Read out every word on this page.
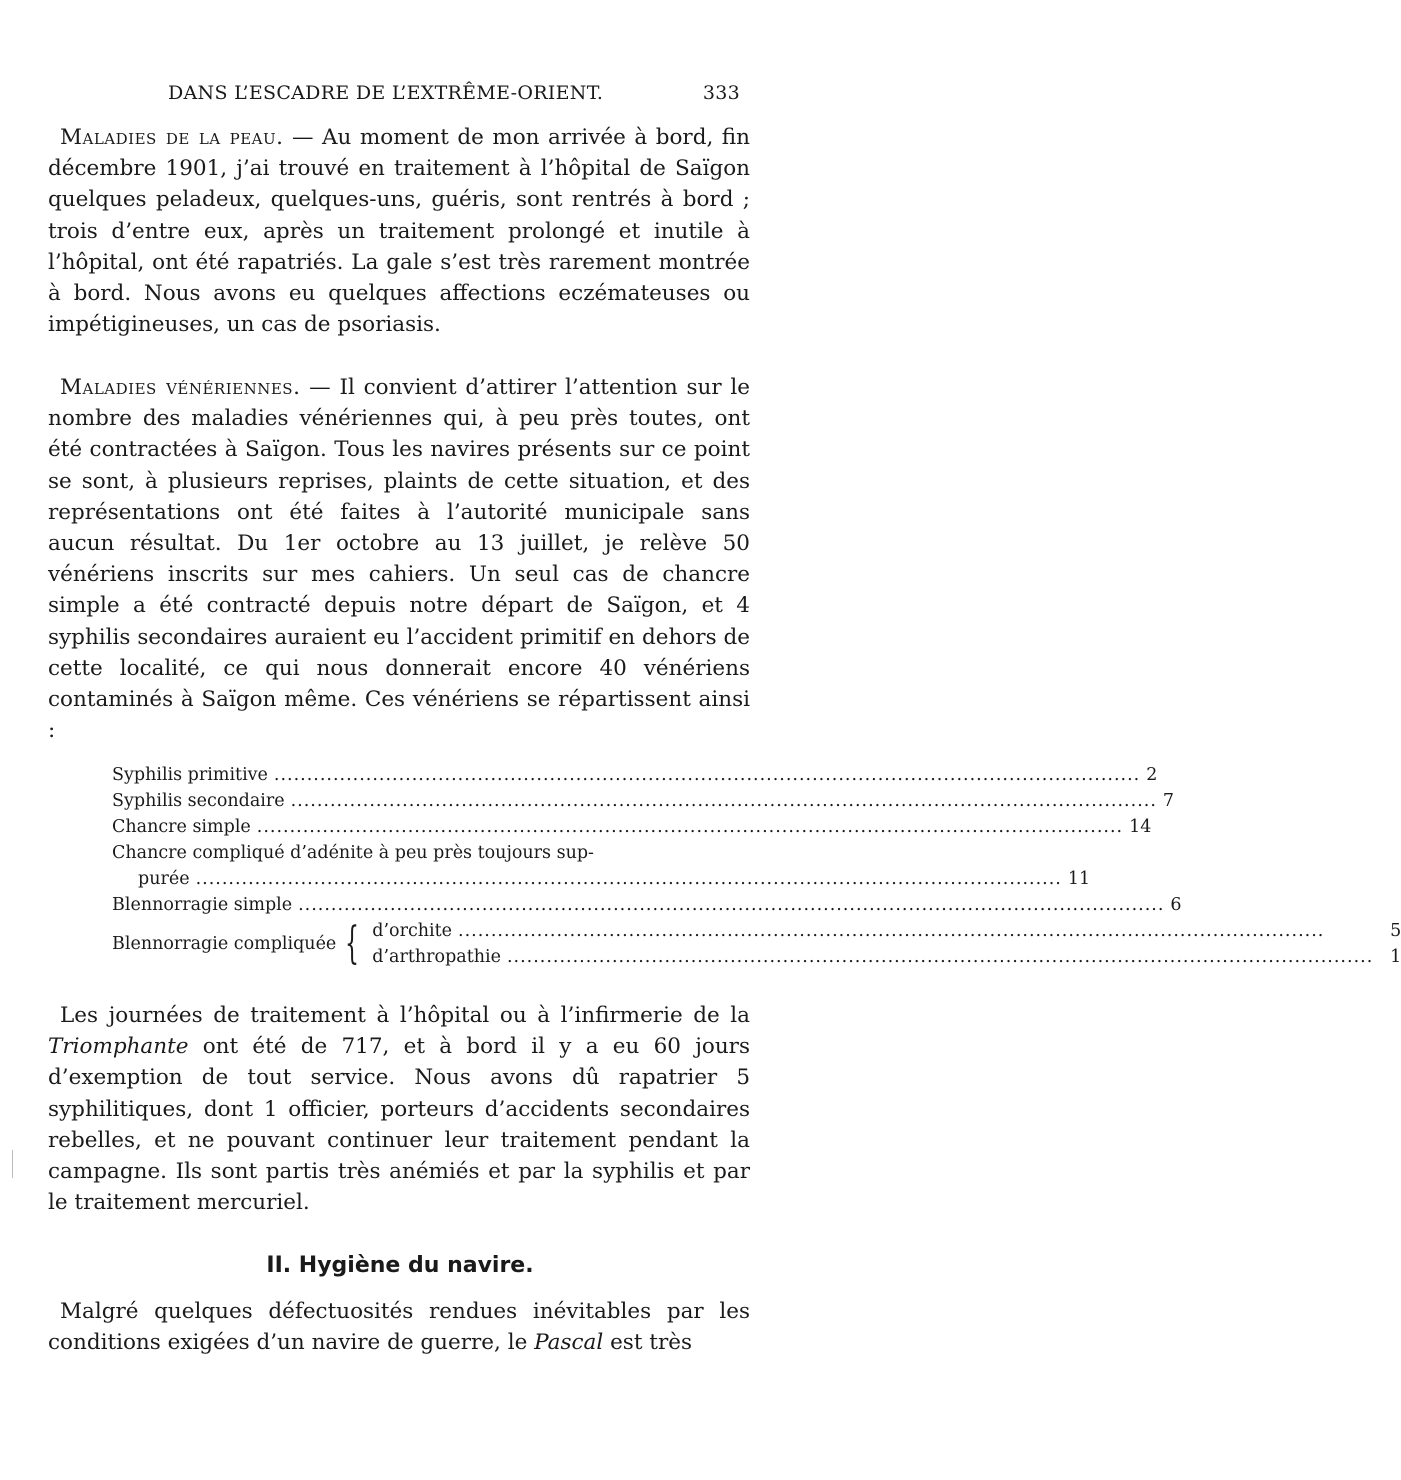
DANS L’ESCADRE DE L’EXTRÊME-ORIENT.	333

Maladies de la peau. — Au moment de mon arrivée à bord, fin décembre 1901, j’ai trouvé en traitement à l’hôpital de Saïgon quelques peladeux, quelques-uns, guéris, sont rentrés à bord ; trois d’entre eux, après un traitement prolongé et inutile à l’hôpital, ont été rapatriés. La gale s’est très rarement montrée à bord. Nous avons eu quelques affections eczémateuses ou impétigineuses, un cas de psoriasis.

Maladies vénériennes. — Il convient d’attirer l’attention sur le nombre des maladies vénériennes qui, à peu près toutes, ont été contractées à Saïgon. Tous les navires présents sur ce point se sont, à plusieurs reprises, plaints de cette situation, et des représentations ont été faites à l’autorité municipale sans aucun résultat. Du 1er octobre au 13 juillet, je relève 50 vénériens inscrits sur mes cahiers. Un seul cas de chancre simple a été contracté depuis notre départ de Saïgon, et 4 syphilis secondaires auraient eu l’accident primitif en dehors de cette localité, ce qui nous donnerait encore 40 vénériens contaminés à Saïgon même. Ces vénériens se répartissent ainsi :

Syphilis primitive .....	2
Syphilis secondaire .....	7
Chancre simple .....	14
Chancre compliqué d’adénite à peu près toujours sup-
purée .....	11
Blennorragie simple .....	6
Blennorragie compliquée { d’orchite .....	5
d’arthropathie .....	1

Les journées de traitement à l’hôpital ou à l’infirmerie de la Triomphante ont été de 717, et à bord il y a eu 60 jours d’exemption de tout service. Nous avons dû rapatrier 5 syphilitiques, dont 1 officier, porteurs d’accidents secondaires rebelles, et ne pouvant continuer leur traitement pendant la campagne. Ils sont partis très anémiés et par la syphilis et par le traitement mercuriel.

II. Hygiène du navire.

Malgré quelques défectuosités rendues inévitables par les conditions exigées d’un navire de guerre, le Pascal est très
